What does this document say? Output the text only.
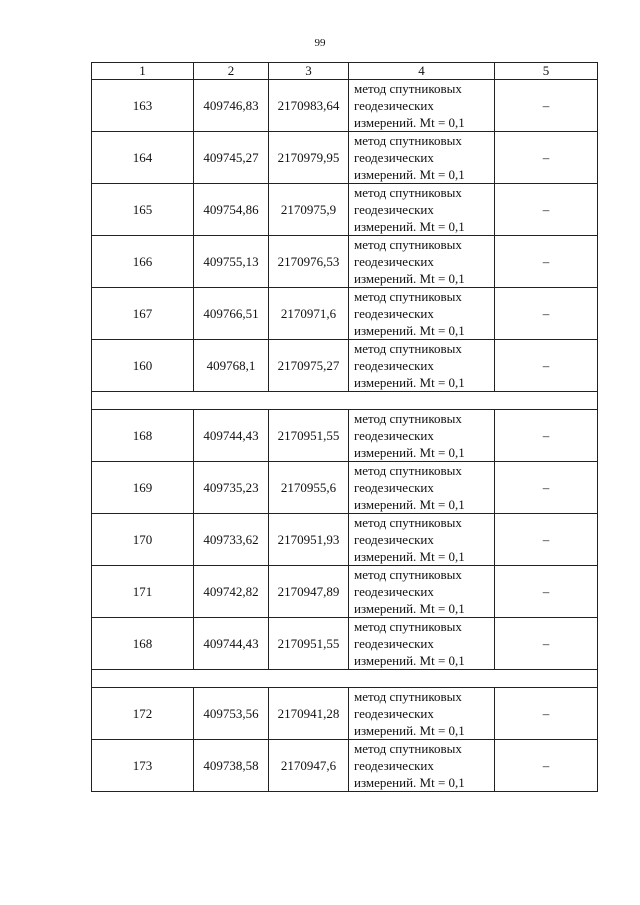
99
1	2	3	4	5
163	409746,83	2170983,64	метод спутниковых
геодезических
измерений. Mt = 0,1	–
164	409745,27	2170979,95	метод спутниковых
геодезических
измерений. Mt = 0,1	–
165	409754,86	2170975,9	метод спутниковых
геодезических
измерений. Mt = 0,1	–
166	409755,13	2170976,53	метод спутниковых
геодезических
измерений. Mt = 0,1	–
167	409766,51	2170971,6	метод спутниковых
геодезических
измерений. Mt = 0,1	–
160	409768,1	2170975,27	метод спутниковых
геодезических
измерений. Mt = 0,1	–

168	409744,43	2170951,55	метод спутниковых
геодезических
измерений. Mt = 0,1	–
169	409735,23	2170955,6	метод спутниковых
геодезических
измерений. Mt = 0,1	–
170	409733,62	2170951,93	метод спутниковых
геодезических
измерений. Mt = 0,1	–
171	409742,82	2170947,89	метод спутниковых
геодезических
измерений. Mt = 0,1	–
168	409744,43	2170951,55	метод спутниковых
геодезических
измерений. Mt = 0,1	–

172	409753,56	2170941,28	метод спутниковых
геодезических
измерений. Mt = 0,1	–
173	409738,58	2170947,6	метод спутниковых
геодезических
измерений. Mt = 0,1	–
